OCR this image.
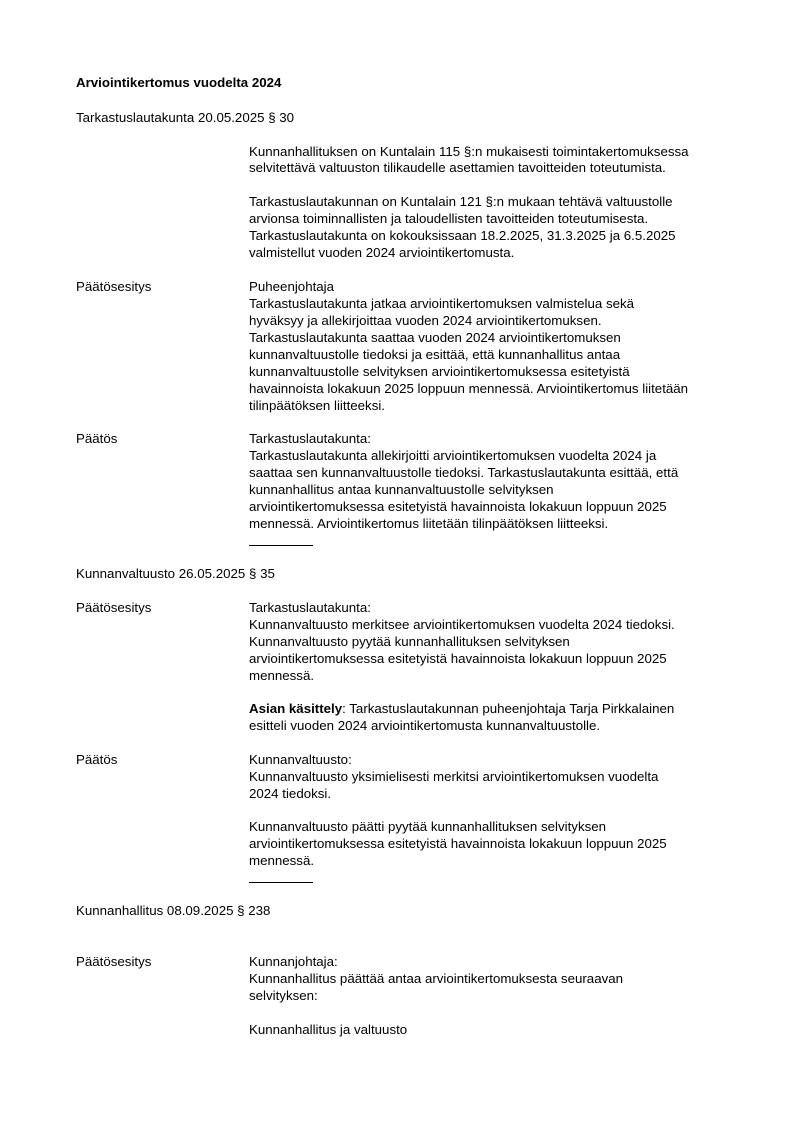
Arviointikertomus vuodelta 2024
Tarkastuslautakunta 20.05.2025 § 30
Kunnanhallituksen on Kuntalain 115 §:n mukaisesti toimintakertomuksessa
selvitettävä valtuuston tilikaudelle asettamien tavoitteiden toteutumista.
Tarkastuslautakunnan on Kuntalain 121 §:n mukaan tehtävä valtuustolle
arvionsa toiminnallisten ja taloudellisten tavoitteiden toteutumisesta.
Tarkastuslautakunta on kokouksissaan 18.2.2025, 31.3.2025 ja 6.5.2025
valmistellut vuoden 2024 arviointikertomusta.
Päätösesitys	Puheenjohtaja
Tarkastuslautakunta jatkaa arviointikertomuksen valmistelua sekä
hyväksyy ja allekirjoittaa vuoden 2024 arviointikertomuksen.
Tarkastuslautakunta saattaa vuoden 2024 arviointikertomuksen
kunnanvaltuustolle tiedoksi ja esittää, että kunnanhallitus antaa
kunnanvaltuustolle selvityksen arviointikertomuksessa esitetyistä
havainnoista lokakuun 2025 loppuun mennessä. Arviointikertomus liitetään
tilinpäätöksen liitteeksi.
Päätös	Tarkastuslautakunta:
Tarkastuslautakunta allekirjoitti arviointikertomuksen vuodelta 2024 ja
saattaa sen kunnanvaltuustolle tiedoksi. Tarkastuslautakunta esittää, että
kunnanhallitus antaa kunnanvaltuustolle selvityksen
arviointikertomuksessa esitetyistä havainnoista lokakuun loppuun 2025
mennessä. Arviointikertomus liitetään tilinpäätöksen liitteeksi.
Kunnanvaltuusto 26.05.2025 § 35
Päätösesitys	Tarkastuslautakunta:
Kunnanvaltuusto merkitsee arviointikertomuksen vuodelta 2024 tiedoksi.
Kunnanvaltuusto pyytää kunnanhallituksen selvityksen
arviointikertomuksessa esitetyistä havainnoista lokakuun loppuun 2025
mennessä.
Asian käsittely: Tarkastuslautakunnan puheenjohtaja Tarja Pirkkalainen
esitteli vuoden 2024 arviointikertomusta kunnanvaltuustolle.
Päätös	Kunnanvaltuusto:
Kunnanvaltuusto yksimielisesti merkitsi arviointikertomuksen vuodelta
2024 tiedoksi.
Kunnanvaltuusto päätti pyytää kunnanhallituksen selvityksen
arviointikertomuksessa esitetyistä havainnoista lokakuun loppuun 2025
mennessä.
Kunnanhallitus 08.09.2025 § 238
Päätösesitys	Kunnanjohtaja:
Kunnanhallitus päättää antaa arviointikertomuksesta seuraavan
selvityksen:
Kunnanhallitus ja valtuusto
